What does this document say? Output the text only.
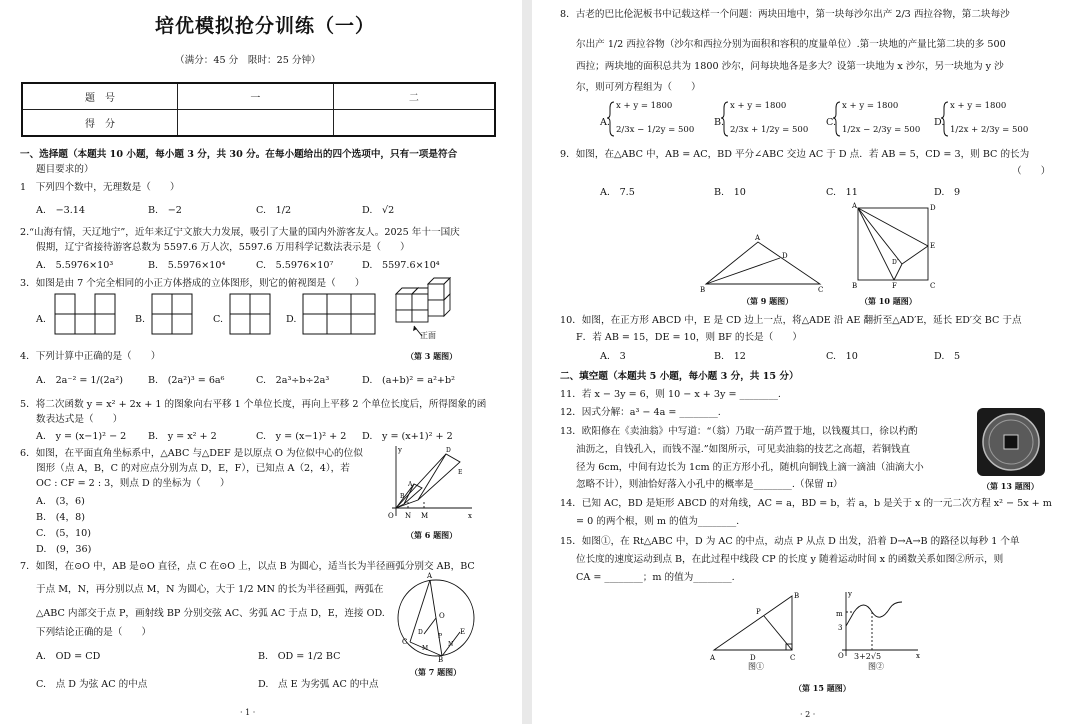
培优模拟抢分训练（一）
（满分：45 分　限时：25 分钟）
题　号	一	二
得　分		
一、选择题（本题共 10 小题，每小题 3 分，共 30 分。在每小题给出的四个选项中，只有一项是符合
题目要求的）
1　下列四个数中，无理数是（　　）
A.　−3.14	B.　−2	C.　1/2	D.　√2
2.“山海有情，天辽地宁”，近年来辽宁文旅大力发展，吸引了大量的国内外游客友人。2025 年十一国庆
假期，辽宁省接待游客总数为 5597.6 万人次，5597.6 万用科学记数法表示是（　　）
A.　5.5976×10³	B.　5.5976×10⁴	C.　5.5976×10⁷	D.　5597.6×10⁴
3．如图是由 7 个完全相同的小正方体搭成的立体图形，则它的俯视图是（　　）
A.	B.	C.	D.
正面
（第 3 题图）
4．下列计算中正确的是（　　）
A.　2a⁻² = 1/(2a²)	B.　(2a²)³ = 6a⁶	C.　2a³÷b÷2a³	D.　(a+b)² = a²+b²
5．将二次函数 y = x² + 2x + 1 的图象向右平移 1 个单位长度，再向上平移 2 个单位长度后，所得图象的函
数表达式是（　　）
A.　y = (x−1)² − 2 B.　y = x² + 2	C.　y = (x−1)² + 2 D.　y = (x+1)² + 2
6．如图，在平面直角坐标系中，△ABC 与△DEF 是以原点 O 为位似中心的位似
图形（点 A，B，C 的对应点分别为点 D，E，F），已知点 A（2，4），若
OC : CF = 2 : 3，则点 D 的坐标为（　　）
A.　(3，6)
B.　(4，8)
C.　(5，10)
D.　(9，36)
O N M	x
y
A
B
D
E
（第 6 题图）
7．如图，在⊙O 中，AB 是⊙O 直径，点 C 在⊙O 上，以点 B 为圆心，适当长为半径画弧分别交 AB，BC
于点 M，N，再分别以点 M，N 为圆心，大于 1/2 MN 的长为半径画弧，两弧在
△ABC 内部交于点 P，画射线 BP 分别交弦 AC、劣弧 AC 于点 D，E，连接 OD.
下列结论正确的是（　　）
A.　OD = CD	B.　OD = 1/2 BC
C.　点 D 为弦 AC 的中点	D.　点 E 为劣弧 AC 的中点
A
B
C
O
E
D
M
P
N
（第 7 题图）
· 1 ·
8．古老的巴比伦泥板书中记载这样一个问题：两块田地中，第一块每沙尔出产 2/3 西拉谷物，第二块每沙
尔出产 1/2 西拉谷物（沙尔和西拉分别为面积和容积的度量单位）.第一块地的产量比第二块的多 500
西拉；两块地的面积总共为 1800 沙尔，问每块地各是多大？设第一块地为 x 沙尔，另一块地为 y 沙
尔，则可列方程组为（　　）
A.
x + y = 1800
2/3x − 1/2y = 500
B.
x + y = 1800
2/3x + 1/2y = 500
C.
x + y = 1800
1/2x − 2/3y = 500
D.
x + y = 1800
1/2x + 2/3y = 500
9．如图，在△ABC 中，AB = AC，BD 平分∠ABC 交边 AC 于 D 点．若 AB = 5，CD = 3，则 BC 的长为
（　　）
A.　7.5	B.　10	C.　11	D.　9
B
A
C
D
（第 9 题图）
A	D
B	C
E
F
D′
（第 10 题图）
10．如图，在正方形 ABCD 中，E 是 CD 边上一点，将△ADE 沿 AE 翻折至△AD′E，延长 ED′交 BC 于点
F．若 AB = 15，DE = 10，则 BF 的长是（　　）
A.　3	B.　12	C.　10	D.　5
二、填空题（本题共 5 小题，每小题 3 分，共 15 分）
11．若 x − 3y = 6，则 10 − x + 3y = ________.
12．因式分解：a³ − 4a = ________.
13．欧阳修在《卖油翁》中写道：“（翁）乃取一葫芦置于地，以钱覆其口，徐以杓酌
油沥之，自钱孔入，而钱不湿.”如图所示，可见卖油翁的技艺之高超，若铜钱直
径为 6cm，中间有边长为 1cm 的正方形小孔，随机向铜钱上滴一滴油（油滴大小
忽略不计），则油恰好落入小孔中的概率是________.（保留 π）	（第 13 题图）
14．已知 AC，BD 是矩形 ABCD 的对角线，AC = a，BD = b，若 a，b 是关于 x 的一元二次方程 x² − 5x + m
= 0 的两个根，则 m 的值为________.
15．如图①，在 Rt△ABC 中，D 为 AC 的中点，动点 P 从点 D 出发，沿着 D→A→B 的路径以每秒 1 个单
位长度的速度运动到点 B，在此过程中线段 CP 的长度 y 随着运动时间 x 的函数关系如图②所示，则
CA = ________；m 的值为________.
A	D	C
B
P
图①
m
3
O	x
y
3+2√5
图②
（第 15 题图）
· 2 ·
